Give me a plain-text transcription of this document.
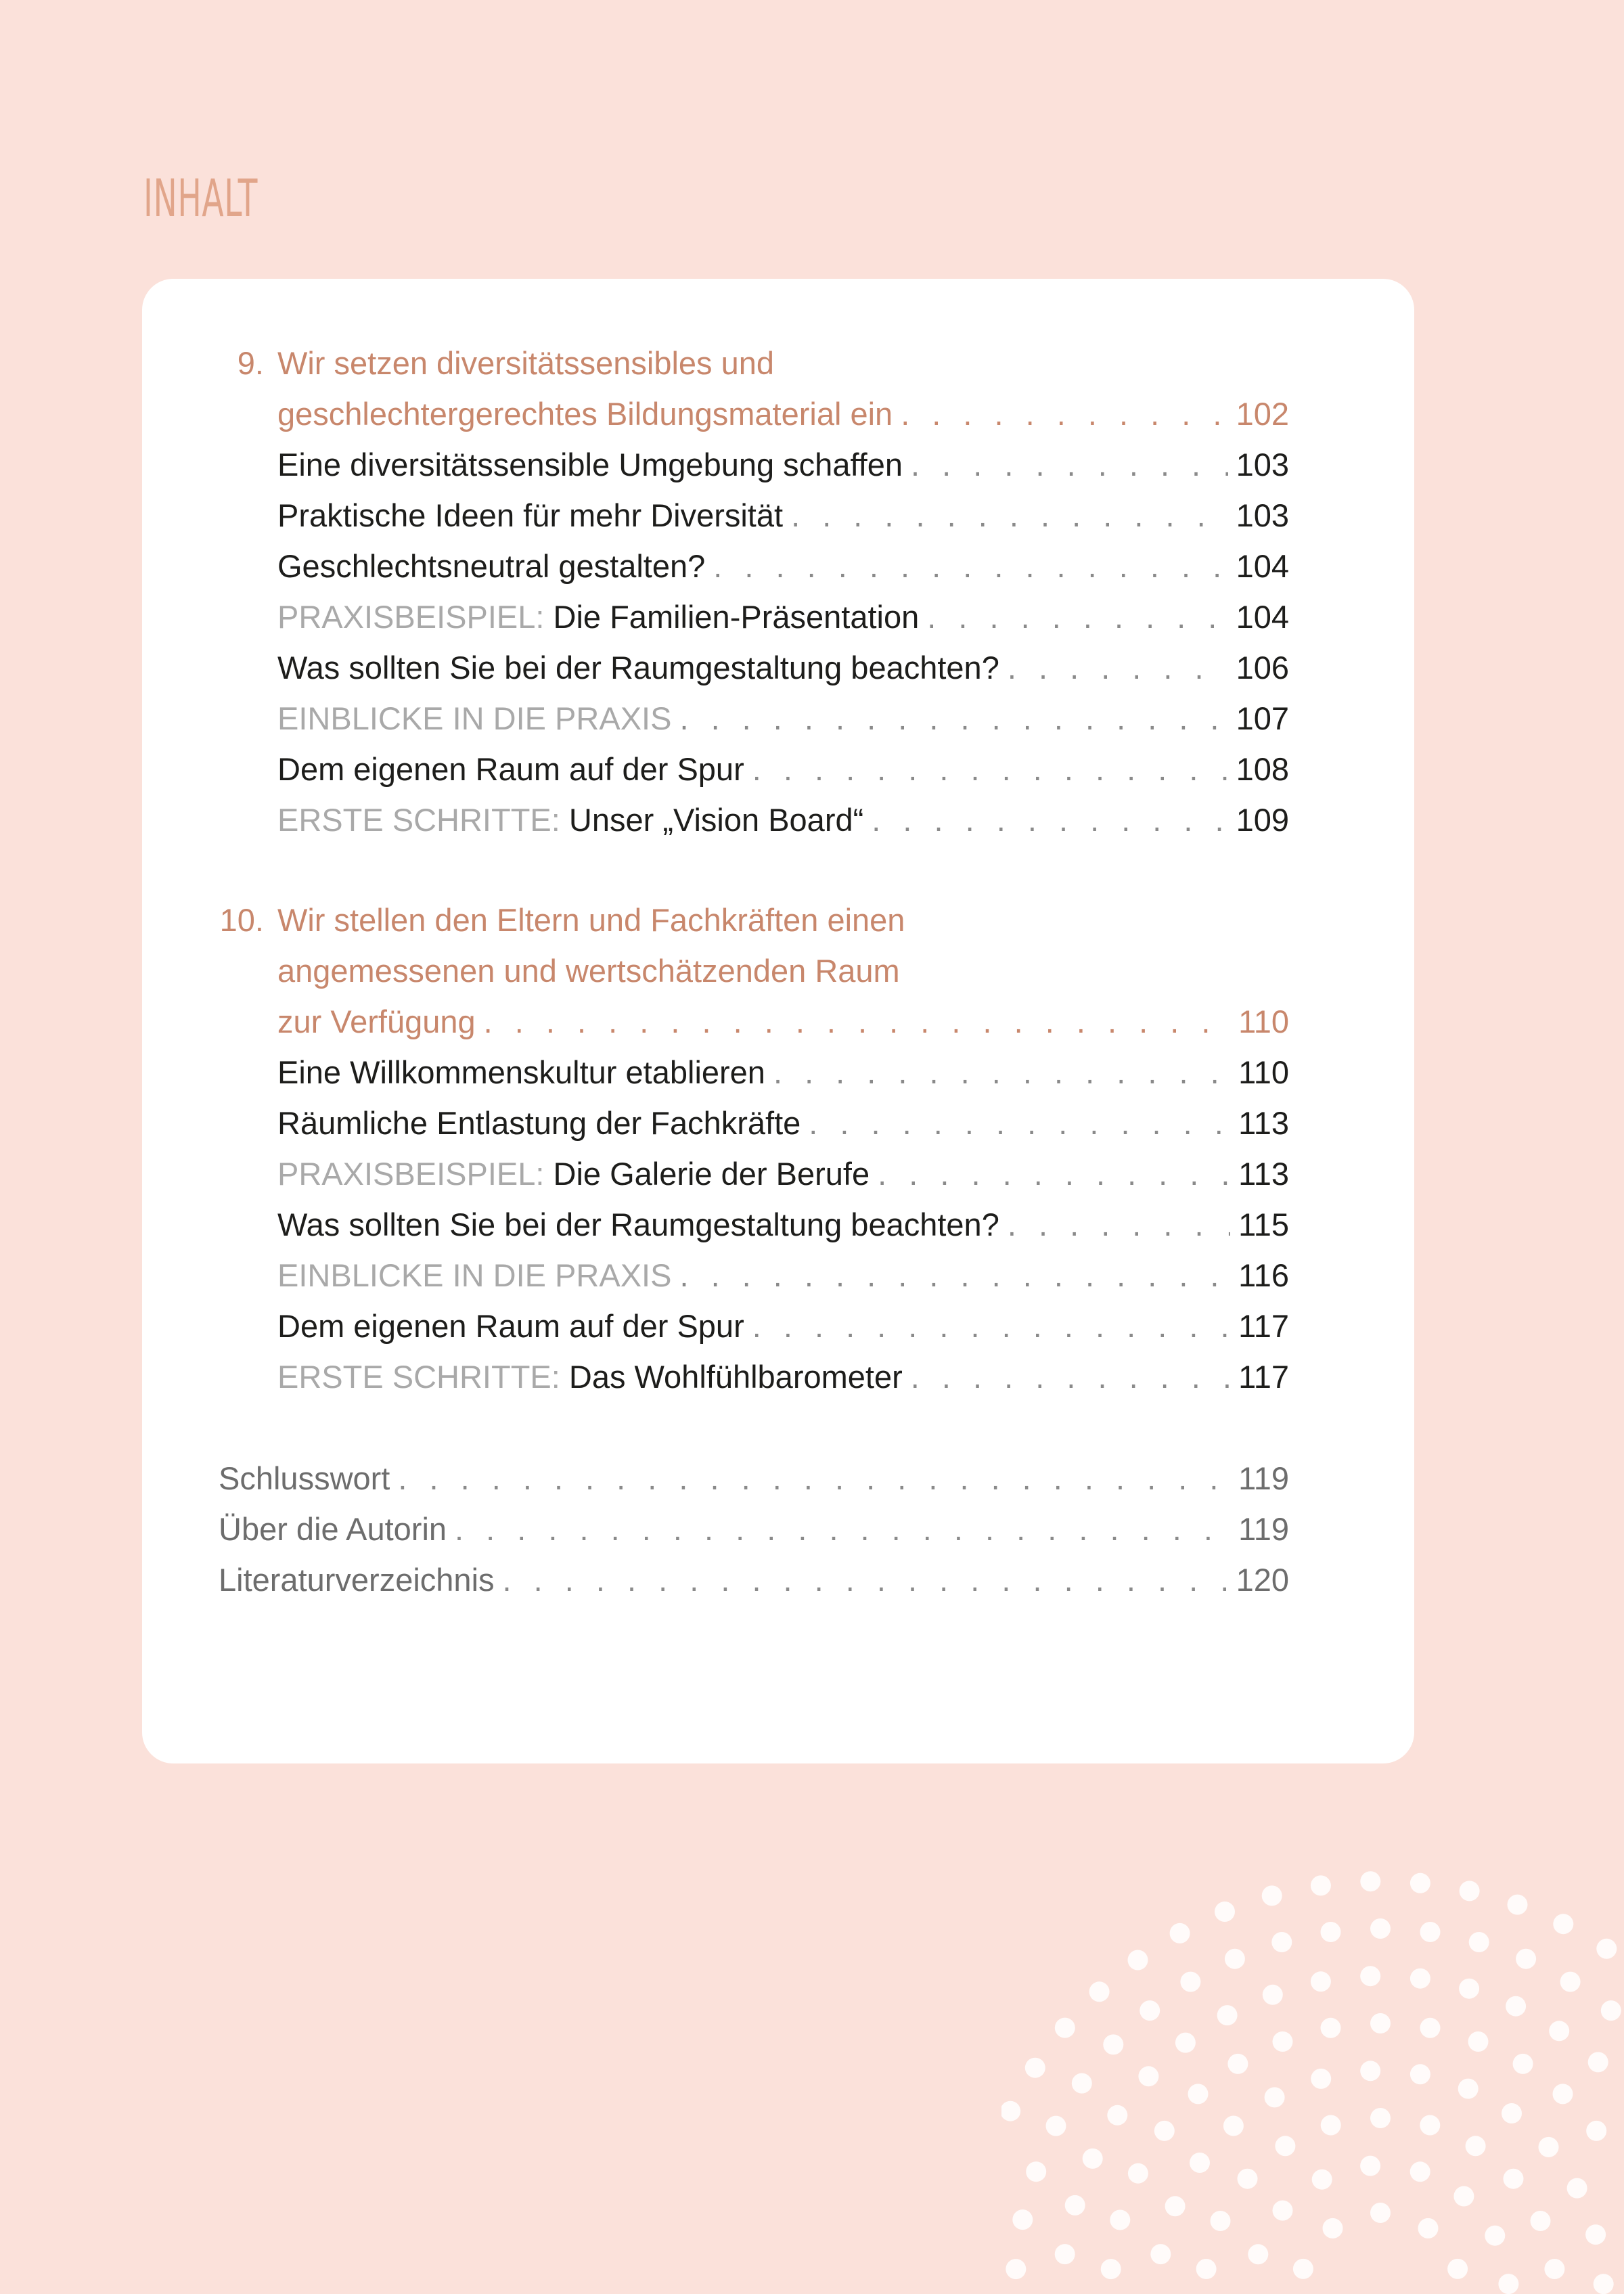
INHALT
9. Wir setzen diversitätssensibles und
geschlechtergerechtes Bildungsmaterial ein . . .	102
Eine diversitätssensible Umgebung schaffen . . .	103
Praktische Ideen für mehr Diversität . . .	103
Geschlechtsneutral gestalten? . . .	104
PRAXISBEISPIEL: Die Familien-Präsentation . . .	104
Was sollten Sie bei der Raumgestaltung beachten? . . .	106
EINBLICKE IN DIE PRAXIS . . .	107
Dem eigenen Raum auf der Spur . . .	108
ERSTE SCHRITTE: Unser „Vision Board“ . . .	109
10. Wir stellen den Eltern und Fachkräften einen
angemessenen und wertschätzenden Raum
zur Verfügung . . .	110
Eine Willkommenskultur etablieren . . .	110
Räumliche Entlastung der Fachkräfte . . .	113
PRAXISBEISPIEL: Die Galerie der Berufe . . .	113
Was sollten Sie bei der Raumgestaltung beachten? . . .	115
EINBLICKE IN DIE PRAXIS . . .	116
Dem eigenen Raum auf der Spur . . .	117
ERSTE SCHRITTE: Das Wohlfühlbarometer . . .	117
Schlusswort . . .	119
Über die Autorin . . .	119
Literaturverzeichnis . . .	120
